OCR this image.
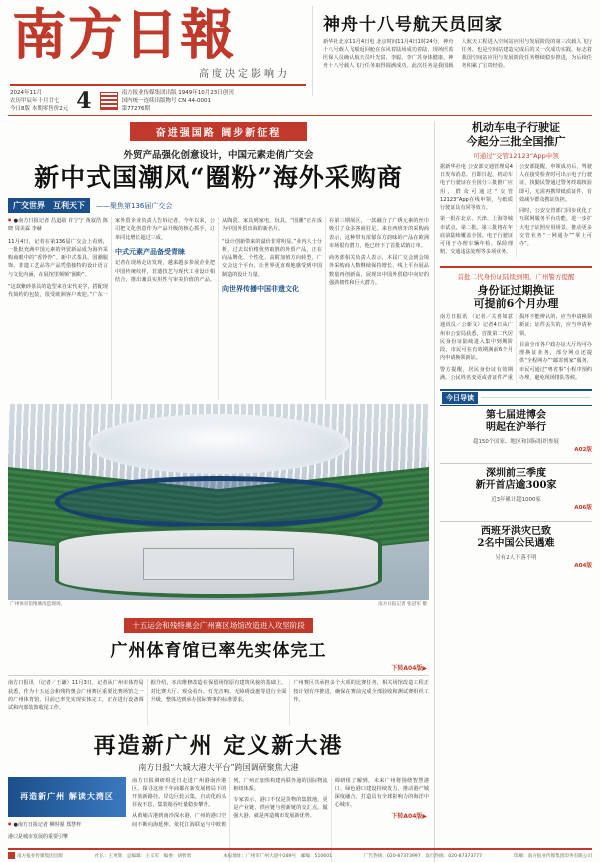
南方日報
高度决定影响力
2024年11月
农历甲辰年十月廿七
今日8版 本期零售价2元 4	南方报业传媒集团出版 1949年10月23日创刊
国内统一连续出版物号 CN 44-0001
第77276期
神舟十八号航天员回家
新华社北京11月4日电 北京时间11月4日1时24分，神舟十八号载人飞船返回舱在东风着陆场成功着陆，现场医监医保人员确认航天员叶光富、李聪、李广苏身体健康，神舟十八号载人飞行任务取得圆满成功。此次任务是我国载人航天工程进入空间站应用与发展阶段的第三次载人飞行任务，也是空间站建造完成后的又一次成功实践，标志着我国空间站应用与发展阶段任务继续稳步推进，为后续任务积累了宝贵经验。
奋进强国路 阔步新征程
外贸产品强化创意设计，中国元素走俏广交会
新中式国潮风“圈粉”海外采购商
广交世界　互利天下	——聚焦第136届广交会

● ●南方日报记者 昌道励 许宁宁 黄叙浩 陈晓 周美霖 李赫

11月4日，记者在第136届广交会上看到，一批批充满中国元素的外贸新品成为海外采购商眼中的“香饽饽”。新中式茶具、国潮服饰、非遗工艺品等产品凭借独特的设计语言与文化内涵，在展馆里频频“圈粉”。

“这款紫砂茶具的造型来自宋代美学，搭配现代简约的包装，很受欧洲客户欢迎。”广东一家外贸企业负责人告诉记者，今年以来，公司把文化创意作为产品升级的核心抓手，订单同比增长超过三成。

中式元素产品备受青睐

记者在现场走访发现，越来越多参展企业把中国传统纹样、非遗技艺与现代工业设计相结合，推出兼具实用性与审美价值的产品。从陶瓷、家具到家电、玩具，“国潮”正在成为中国外贸出海的新名片。

“设计创新带来的溢价非常明显。”业内人士分析，过去以价格优势取胜的外贸产品，正在向品牌化、个性化、高附加值方向转型。广交会这个平台，让世界更直观地感受到中国制造的设计力量。

向世界传播中国非遗文化

在第三期展区，一款融合了广绣元素的丝巾吸引了众多客商驻足。来自西班牙的采购商表示，这种带有浓郁东方韵味的产品在欧洲市场很有潜力，他已经下了首批试销订单。

商务部相关负责人表示，本届广交会到会境外采购商人数继续保持增长，线上平台展品数量再创新高，展现出中国外贸稳中向好的强劲韧性和巨大潜力。

广州体育馆维修改造现场。	南方日报记者 张冠军 摄
十五运会和残特奥会广州赛区场馆改造进入攻坚阶段
广州体育馆已率先实体完工
下转A04版▶

南方日报讯 （记者／王谦）11月3日，记者从广州市体育局获悉，作为十五运会和残特奥会广州赛区重要比赛场馆之一的广州体育馆，目前已率先实现实体完工，正在进行设备调试和内部装饰收尾工作。

据介绍，本次维修改造在保留场馆原有建筑风貌的基础上，对比赛大厅、观众看台、灯光音响、无障碍设施等进行全面升级，整体达到承办国际赛事的标准要求。

广州赛区共承担多个大项的比赛任务，相关场馆改造工程正按计划有序推进，确保在赛前完成全部验收和测试赛组织工作。

再造新广州 定义新大港
南方日报“大城大港大平台”跨国调研聚焦大港
再造新广州 解读大湾区
● ●南方日报记者 柳时强 郑慧梓
港口是城市发展的重要引擎

南方日报调研组近日走进广州港南沙港区，探寻这座千年商都在新发展格局下的开放新路径。岸边巨轮云集，自动化码头昼夜不息，集装箱吞吐量稳步攀升。

从黄埔古港到南沙深水港，广州的港口空间不断向海延伸。依托江海联运与中欧班列，广州正加快构建内联外通的国际物流枢纽体系。

专家表示，港口不仅是货物的集散地，更是产业链、供应链与创新链的交汇点。做强大港，就是再造城市发展新优势。

调研组了解到，未来广州将围绕智慧港口、绿色港口建设持续发力，推动港产城深度融合，打造具有全球影响力的海洋中心城市。

下转A04版▶

机动车电子行驶证
今起分三批全国推广
可通过“交管12123”App申领

据新华社电 公安部交通管理局4日发布消息，自即日起，机动车电子行驶证在全国分三批推广应用，群众可通过“交管12123”App在线申领，与纸质行驶证具有同等效力。

第一批在北京、天津、上海等城市试点，第二批、第三批将在年底前陆续覆盖全国。电子行驶证可用于办理车辆年检、保险理赔、交通违法处理等多项业务。

公安部提醒，申领成功后，驾驶人在接受检查时可出示电子行驶证，执勤民警通过警务终端核验即可，无需再携带纸质证件，有效减少群众携证负担。

同时，公安交管部门同步优化了互联网服务平台功能，进一步扩大电子证照应用场景，推动更多交管业务“一网通办”“掌上可办”。

首批二代身份证陆续到期，广州警方提醒
身份证过期换证
可提前6个月办理

南方日报讯 （记者／关喜如意 通讯员／公新文）记者4日从广州市公安局获悉，首批第二代居民身份证陆续进入集中到期阶段，市民可在有效期满前6个月内申请换领新证。

警方提醒，居民身份证有效期满、公民姓名变更或者证件严重损坏不能辨认的，应当申请换领新证；证件丢失的，应当申请补领。

目前全市各户政办证大厅均可办理换证业务，部分网点还提供“全程网办”“邮寄到家”服务，市民可通过“粤省事”小程序预约办理，避免现场排队等候。

今日导读
第七届进博会
明起在沪举行
超150个国家、地区和国际组织参展
A02版
深圳前三季度
新开首店逾300家
近3年累计超1000家
A06版
西班牙洪灾已致
2名中国公民遇难
另有2人下落不明
A04版
南方报业传媒集团出版	社长：王更辉　总编辑：王义军　编委：胡智勇	本报地址：广州市广州大道中289号　邮编：510601	广告热线：020-87373997　发行热线：020-87373777	印刷：南方报业传媒集团印务有限公司
